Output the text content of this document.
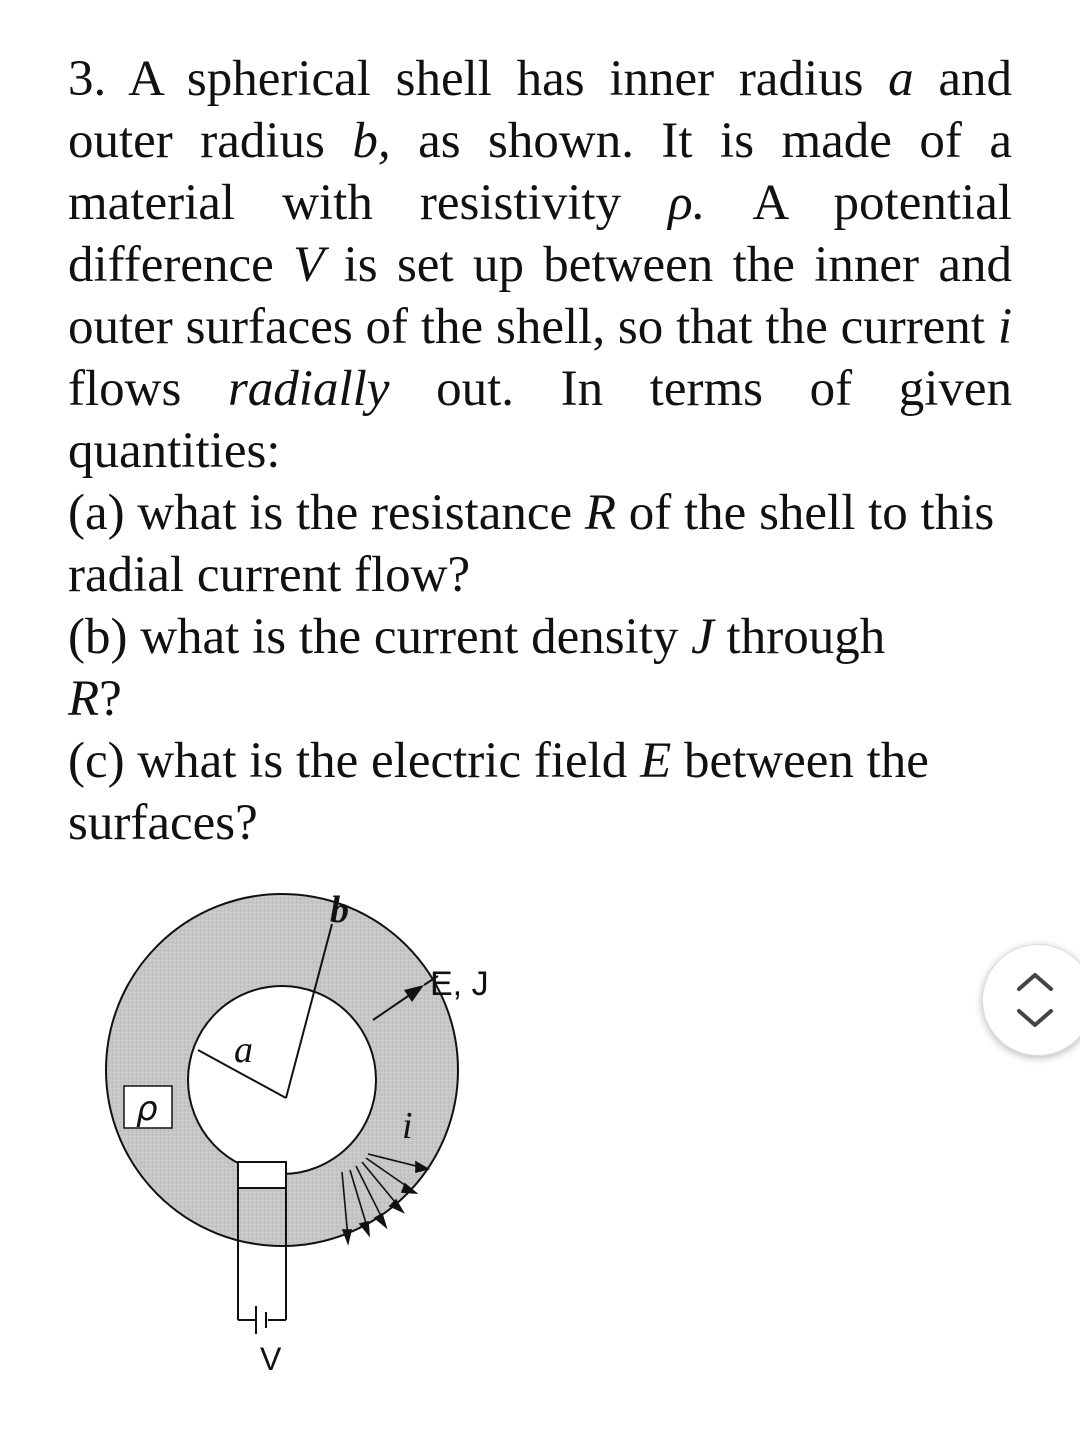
3. A spherical shell has inner radius a and outer radius b, as shown. It is made of a material with resistivity ρ. A potential difference V is set up between the inner and outer surfaces of the shell, so that the current i flows radially out. In terms of given quantities:

(a) what is the resistance R of the shell to this radial current flow?

(b) what is the current density J through
R?

(c) what is the electric field E between the surfaces?

b
a
ρ
E, J
i
V
